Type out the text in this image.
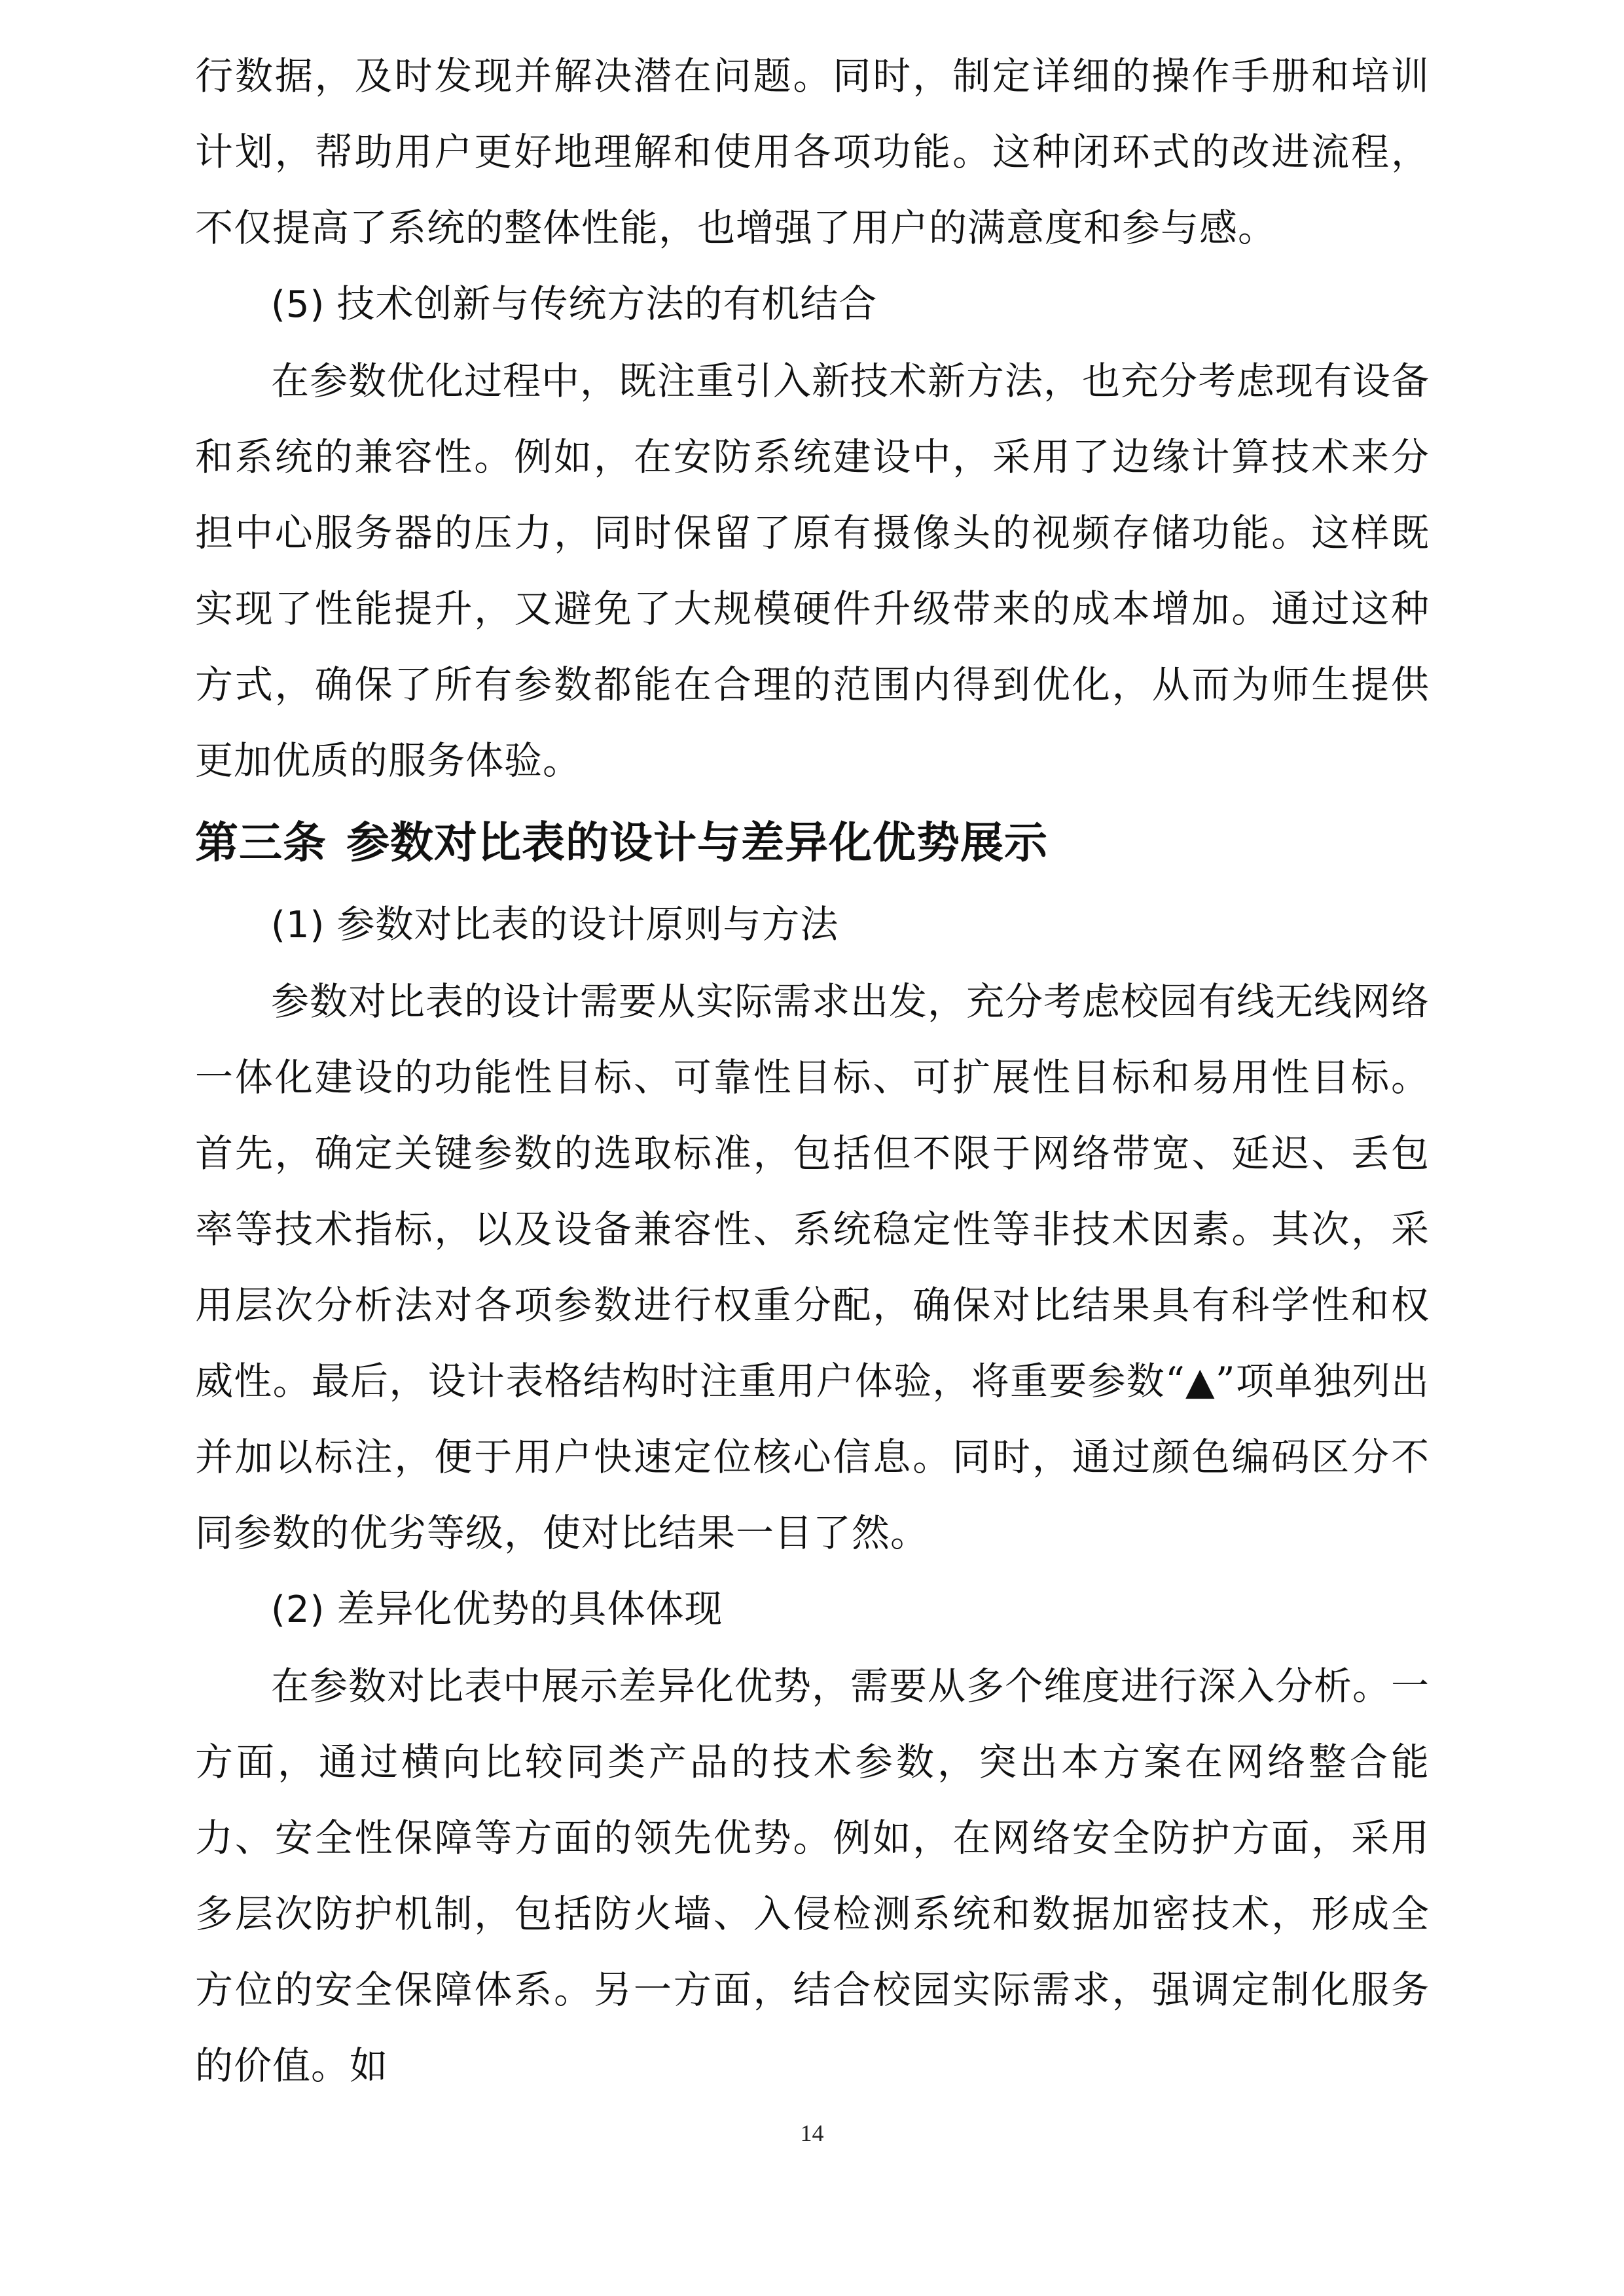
行数据，及时发现并解决潜在问题。同时，制定详细的操作手册和培训计划，帮助用户更好地理解和使用各项功能。这种闭环式的改进流程，不仅提高了系统的整体性能，也增强了用户的满意度和参与感。

(5) 技术创新与传统方法的有机结合

在参数优化过程中，既注重引入新技术新方法，也充分考虑现有设备和系统的兼容性。例如，在安防系统建设中，采用了边缘计算技术来分担中心服务器的压力，同时保留了原有摄像头的视频存储功能。这样既实现了性能提升，又避免了大规模硬件升级带来的成本增加。通过这种方式，确保了所有参数都能在合理的范围内得到优化，从而为师生提供更加优质的服务体验。

第三条 参数对比表的设计与差异化优势展示
(1) 参数对比表的设计原则与方法

参数对比表的设计需要从实际需求出发，充分考虑校园有线无线网络一体化建设的功能性目标、可靠性目标、可扩展性目标和易用性目标。首先，确定关键参数的选取标准，包括但不限于网络带宽、延迟、丢包率等技术指标，以及设备兼容性、系统稳定性等非技术因素。其次，采用层次分析法对各项参数进行权重分配，确保对比结果具有科学性和权威性。最后，设计表格结构时注重用户体验，将重要参数“▲”项单独列出并加以标注，便于用户快速定位核心信息。同时，通过颜色编码区分不同参数的优劣等级，使对比结果一目了然。

(2) 差异化优势的具体体现

在参数对比表中展示差异化优势，需要从多个维度进行深入分析。一方面，通过横向比较同类产品的技术参数，突出本方案在网络整合能力、安全性保障等方面的领先优势。例如，在网络安全防护方面，采用多层次防护机制，包括防火墙、入侵检测系统和数据加密技术，形成全方位的安全保障体系。另一方面，结合校园实际需求，强调定制化服务的价值。如

14
